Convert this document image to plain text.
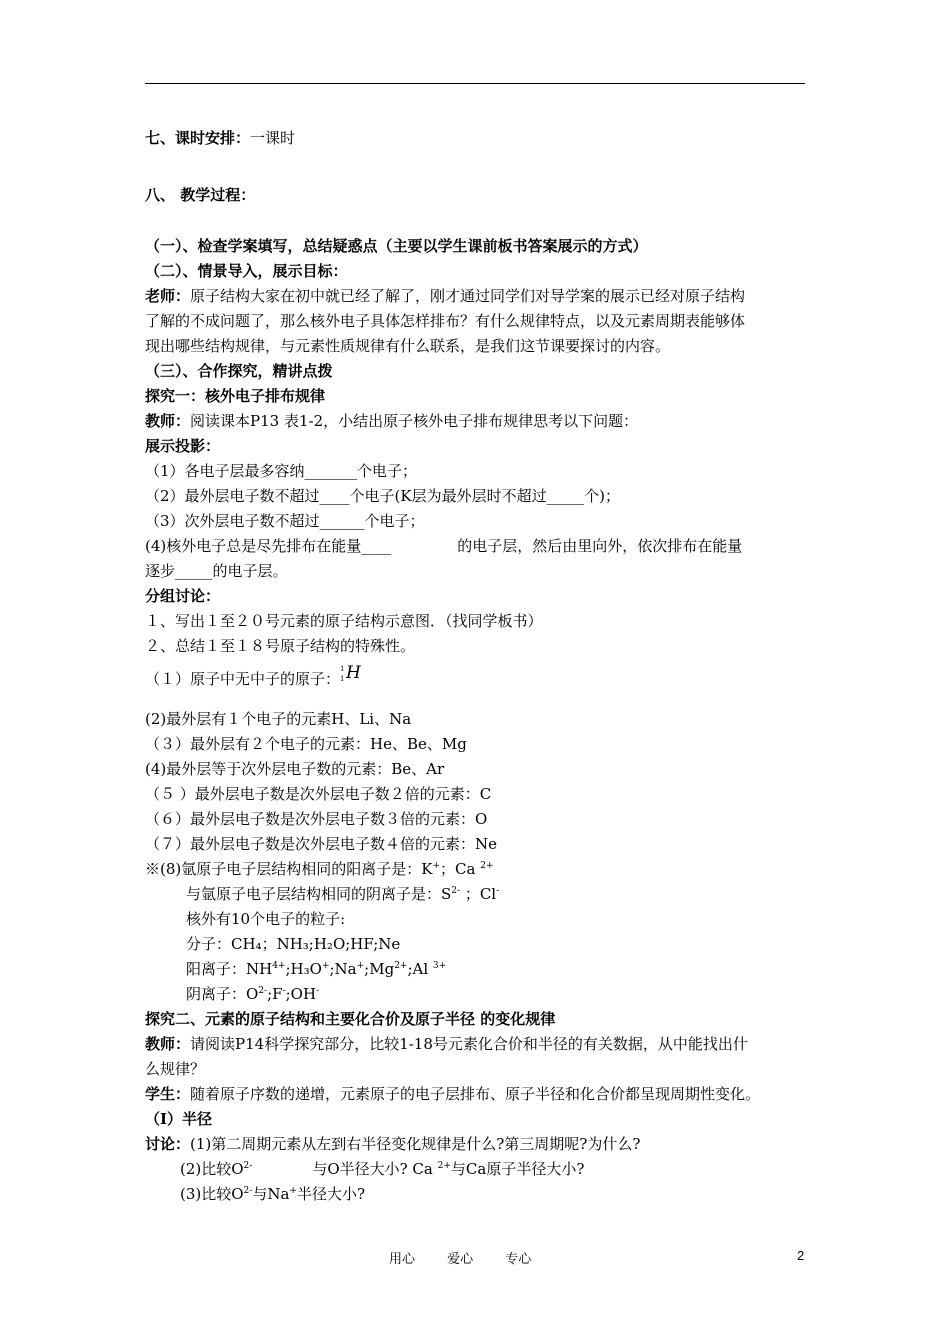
七、课时安排：一课时
八、 教学过程：
（一）、检查学案填写，总结疑惑点（主要以学生课前板书答案展示的方式）
（二）、情景导入，展示目标：
老师：原子结构大家在初中就已经了解了，刚才通过同学们对导学案的展示已经对原子结构
了解的不成问题了，那么核外电子具体怎样排布？有什么规律特点，以及元素周期表能够体
现出哪些结构规律，与元素性质规律有什么联系，是我们这节课要探讨的内容。
（三）、合作探究，精讲点拨
探究一：核外电子排布规律
教师：阅读课本P13 表1-2，小结出原子核外电子排布规律思考以下问题：
展示投影：
（1）各电子层最多容纳_______个电子；
（2）最外层电子数不超过____个电子(K层为最外层时不超过_____个)；
（3）次外层电子数不超过______个电子；
(4)核外电子总是尽先排布在能量____	的电子层，然后由里向外，依次排布在能量
逐步_____的电子层。
分组讨论：
１、写出１至２０号元素的原子结构示意图．（找同学板书）
２、总结１至１８号原子结构的特殊性。
（１）原子中无中子的原子：
1
1 H
(2)最外层有１个电子的元素H、Li、Na
（３）最外层有２个电子的元素：He、Be、Mg
(4)最外层等于次外层电子数的元素：Be、Ar
（５ ）最外层电子数是次外层电子数２倍的元素：C
（６）最外层电子数是次外层电子数３倍的元素：O
（７）最外层电子数是次外层电子数４倍的元素：Ne
※(8)氩原子电子层结构相同的阳离子是：K+；Ca $^{2+}$
与氩原子电子层结构相同的阴离子是：$S^{2-}$ ；Cl-
核外有10个电子的粒子:
分子：CH₄；NH₃;H₂O;HF;Ne
阳离子：$NH^{4+};H_3O^+;Na^+;Mg^{2+};Al$ $^{3+}$
阴离子：$O^{2-};F^-;OH^-$
探究二、元素的原子结构和主要化合价及原子半径 的变化规律
教师：请阅读P14科学探究部分，比较1-18号元素化合价和半径的有关数据，从中能找出什
么规律？
学生：随着原子序数的递增，元素原子的电子层排布、原子半径和化合价都呈现周期性变化。
（Ⅰ）半径
讨论：(1)第二周期元素从左到右半径变化规律是什么?第三周期呢?为什么?
(2)比较$O^{2-}$	与O半径大小? Ca $^{2+}$与Ca原子半径大小?
(3)比较$O^{2-}$与Na+半径大小?
用心 爱心 专心	2
